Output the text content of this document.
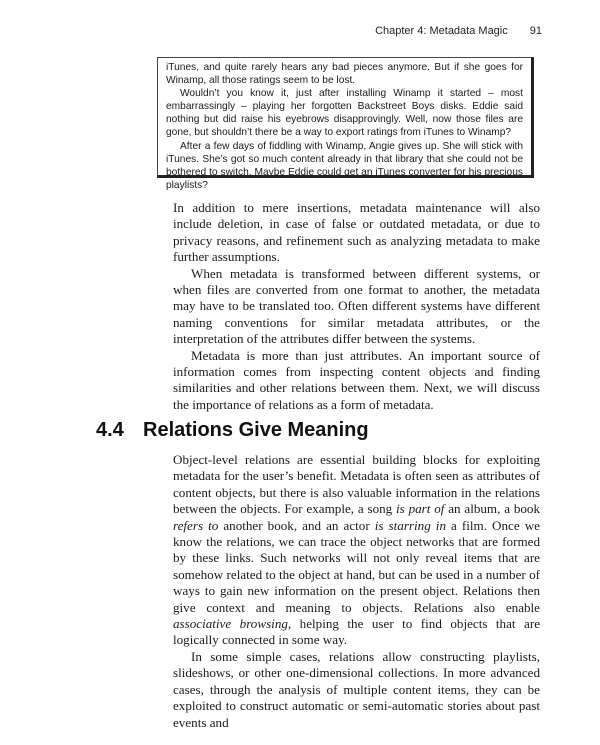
Chapter 4: Metadata Magic 91

iTunes, and quite rarely hears any bad pieces anymore. But if she goes for Winamp, all those ratings seem to be lost.

Wouldn’t you know it, just after installing Winamp it started – most embarrassingly – playing her forgotten Backstreet Boys disks. Eddie said nothing but did raise his eyebrows disapprovingly. Well, now those files are gone, but shouldn’t there be a way to export ratings from iTunes to Winamp?

After a few days of fiddling with Winamp, Angie gives up. She will stick with iTunes. She’s got so much content already in that library that she could not be bothered to switch. Maybe Eddie could get an iTunes converter for his precious playlists?

In addition to mere insertions, metadata maintenance will also include deletion, in case of false or outdated metadata, or due to privacy reasons, and refinement such as analyzing metadata to make further assumptions.

When metadata is transformed between different systems, or when files are converted from one format to another, the metadata may have to be translated too. Often different systems have different naming conventions for similar metadata attributes, or the interpretation of the attributes differ between the systems.

Metadata is more than just attributes. An important source of information comes from inspecting content objects and finding similarities and other relations between them. Next, we will discuss the importance of relations as a form of metadata.

4.4 Relations Give Meaning

Object-level relations are essential building blocks for exploiting metadata for the user’s benefit. Metadata is often seen as attributes of content objects, but there is also valuable information in the relations between the objects. For example, a song is part of an album, a book refers to another book, and an actor is starring in a film. Once we know the relations, we can trace the object networks that are formed by these links. Such networks will not only reveal items that are somehow related to the object at hand, but can be used in a number of ways to gain new information on the present object. Relations then give context and meaning to objects. Relations also enable associative browsing, helping the user to find objects that are logically connected in some way.

In some simple cases, relations allow constructing playlists, slideshows, or other one-dimensional collections. In more advanced cases, through the analysis of multiple content items, they can be exploited to construct automatic or semi-automatic stories about past events and
